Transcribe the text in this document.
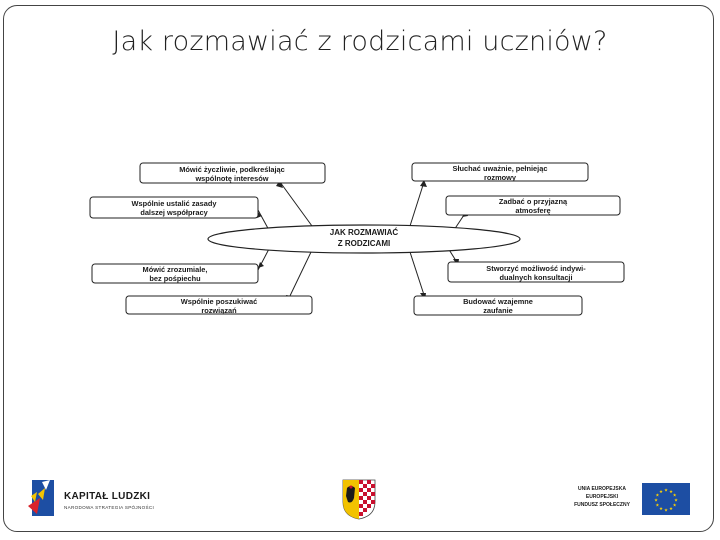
Jak rozmawiać z rodzicami uczniów?
JAK ROZMAWIAĆ
Z RODZICAMI
Mówić życzliwie, podkreślając
wspólnotę interesów
Wspólnie ustalić zasady
dalszej współpracy
Mówić zrozumiale,
bez pośpiechu
Wspólnie poszukiwać
rozwiązań
Słuchać uważnie, pełniejąc
rozmowy
Zadbać o przyjazną
atmosferę
Stworzyć możliwość indywi-
dualnych konsultacji
Budować wzajemne
zaufanie
KAPITAŁ LUDZKI
NARODOWA STRATEGIA SPÓJNOŚCI
UNIA EUROPEJSKA
EUROPEJSKI
FUNDUSZ SPOŁECZNY
★ ★
★
★
★
★
★
★
★
★
★
★
